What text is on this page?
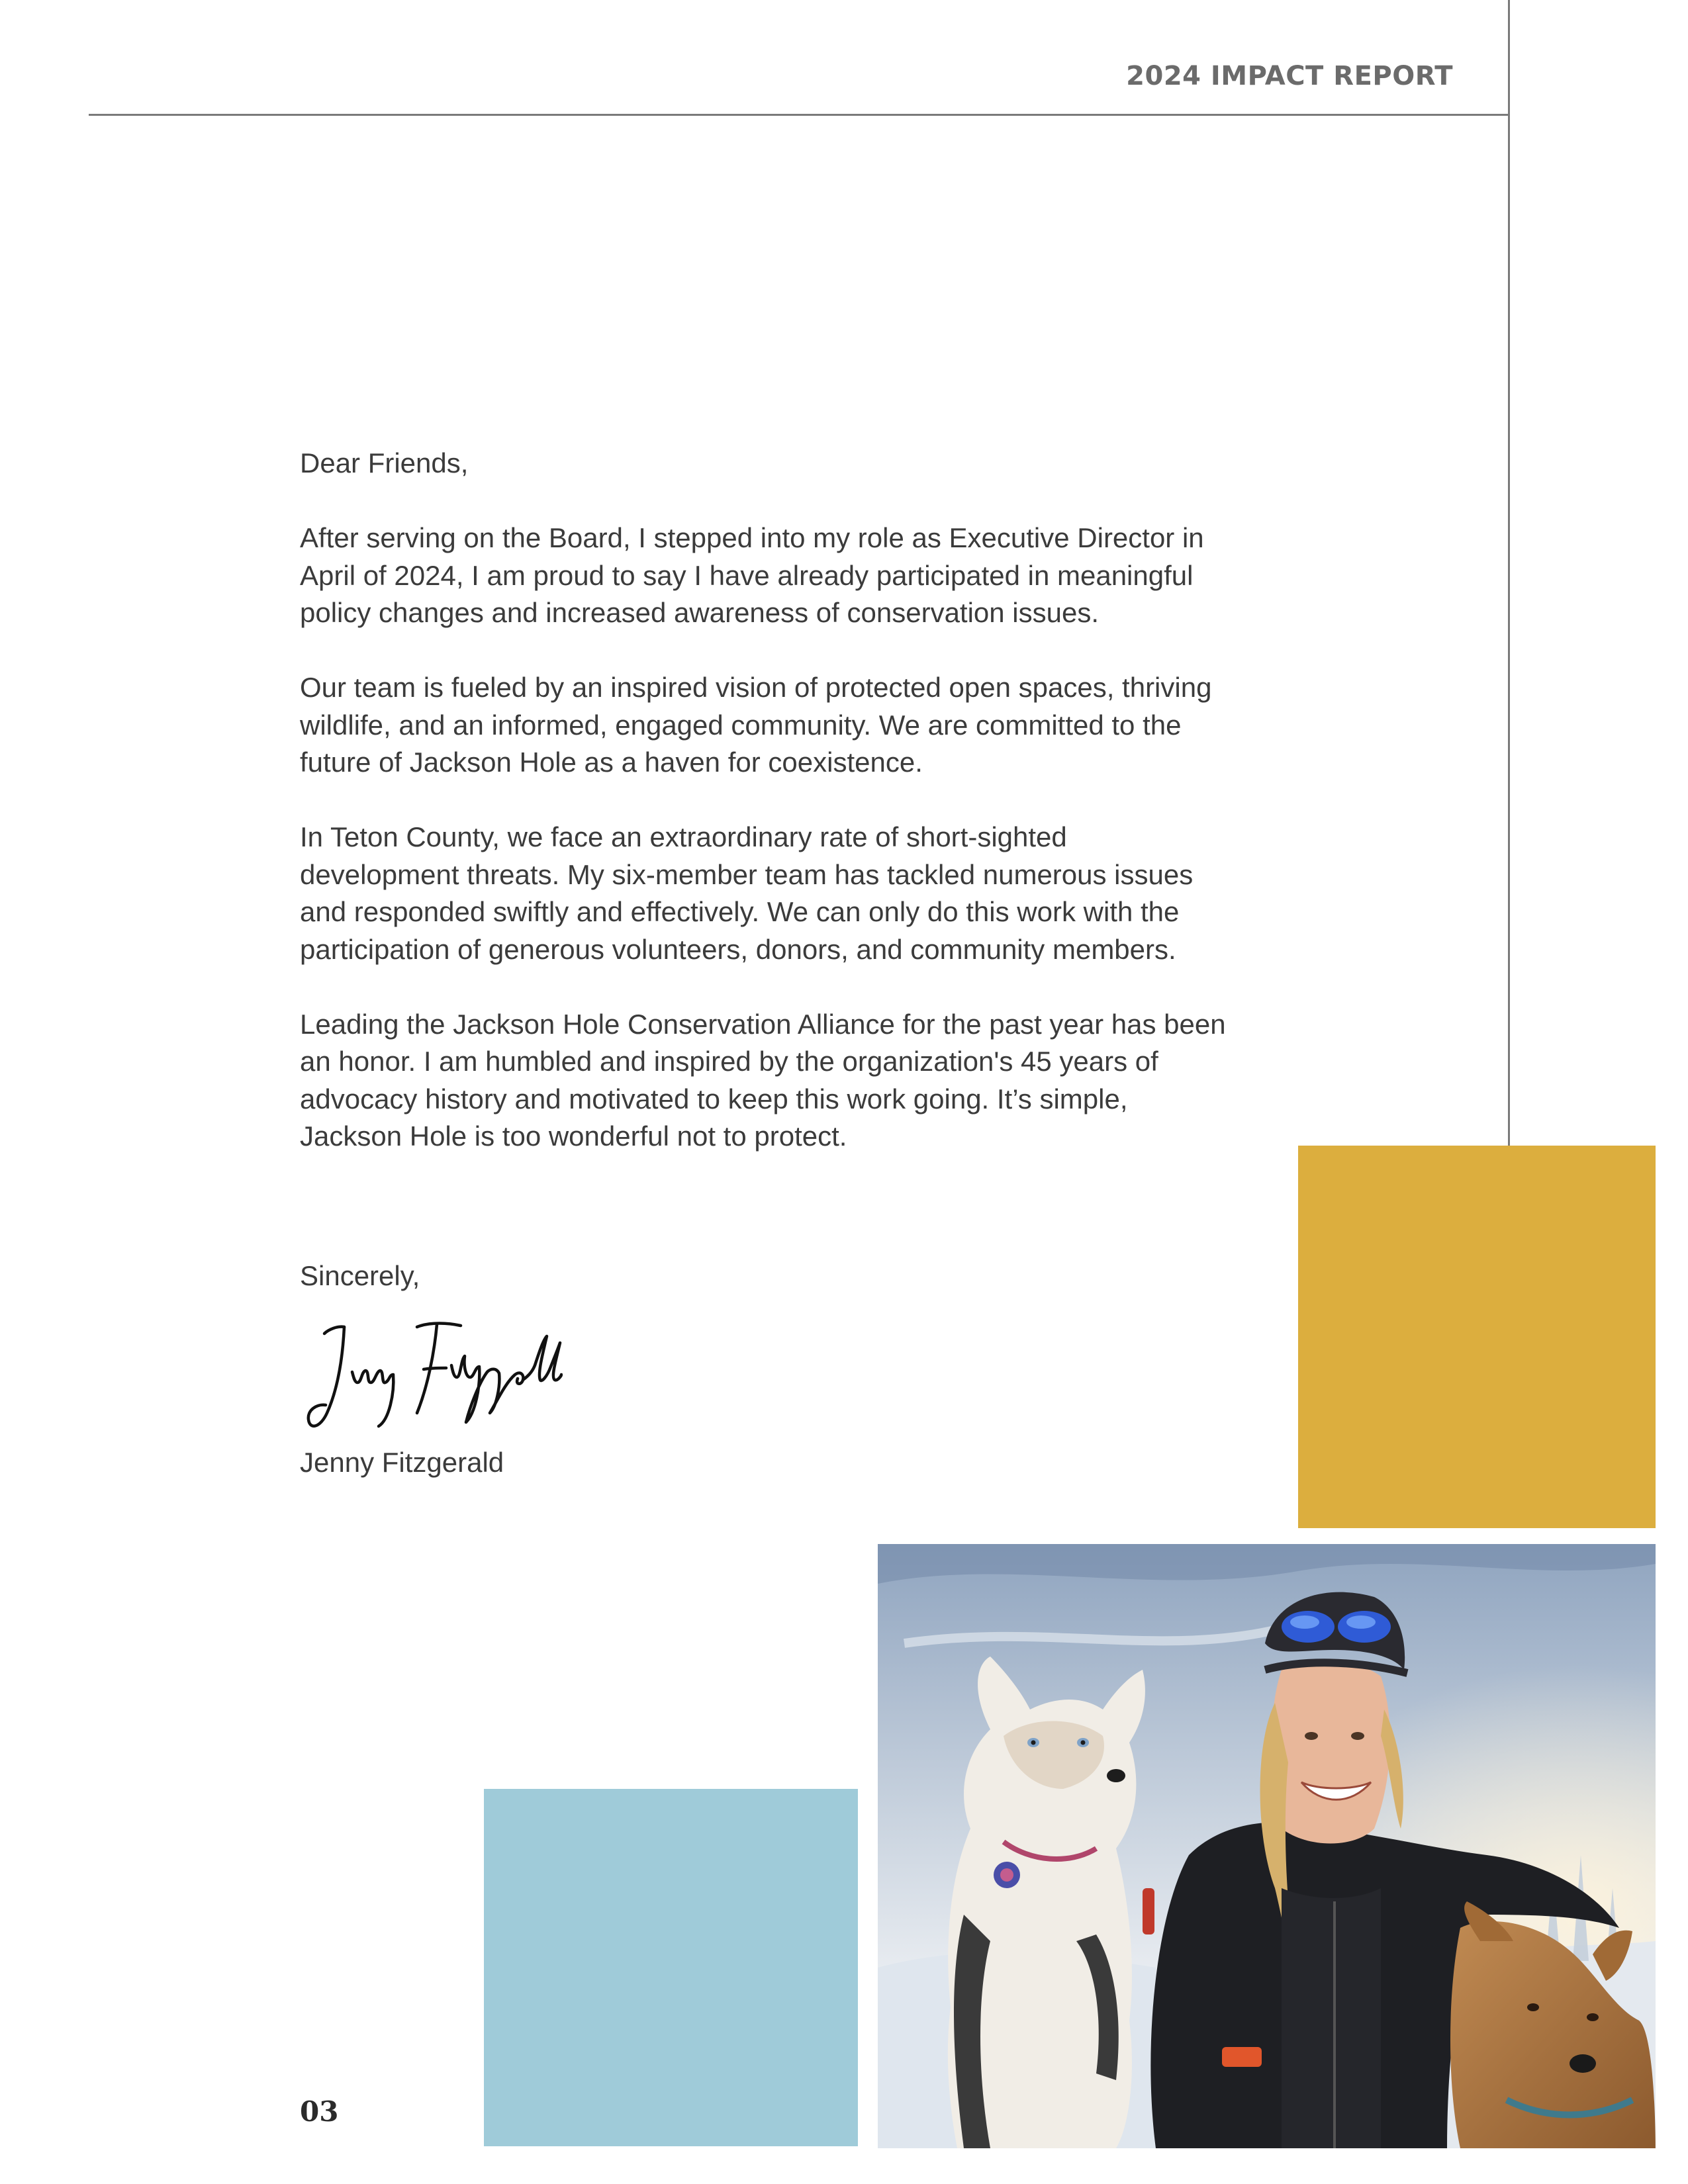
2024 IMPACT REPORT

Dear Friends,

After serving on the Board, I stepped into my role as Executive Director in April of 2024, I am proud to say I have already participated in meaningful policy changes and increased awareness of conservation issues.

Our team is fueled by an inspired vision of protected open spaces, thriving wildlife, and an informed, engaged community. We are committed to the future of Jackson Hole as a haven for coexistence.

In Teton County, we face an extraordinary rate of short-sighted development threats. My six-member team has tackled numerous issues and responded swiftly and effectively. We can only do this work with the participation of generous volunteers, donors, and community members.

Leading the Jackson Hole Conservation Alliance for the past year has been an honor. I am humbled and inspired by the organization's 45 years of advocacy history and motivated to keep this work going. It’s simple, Jackson Hole is too wonderful not to protect.

Sincerely,
Jenny Fitzgerald
Jenny Fitzgerald
03
